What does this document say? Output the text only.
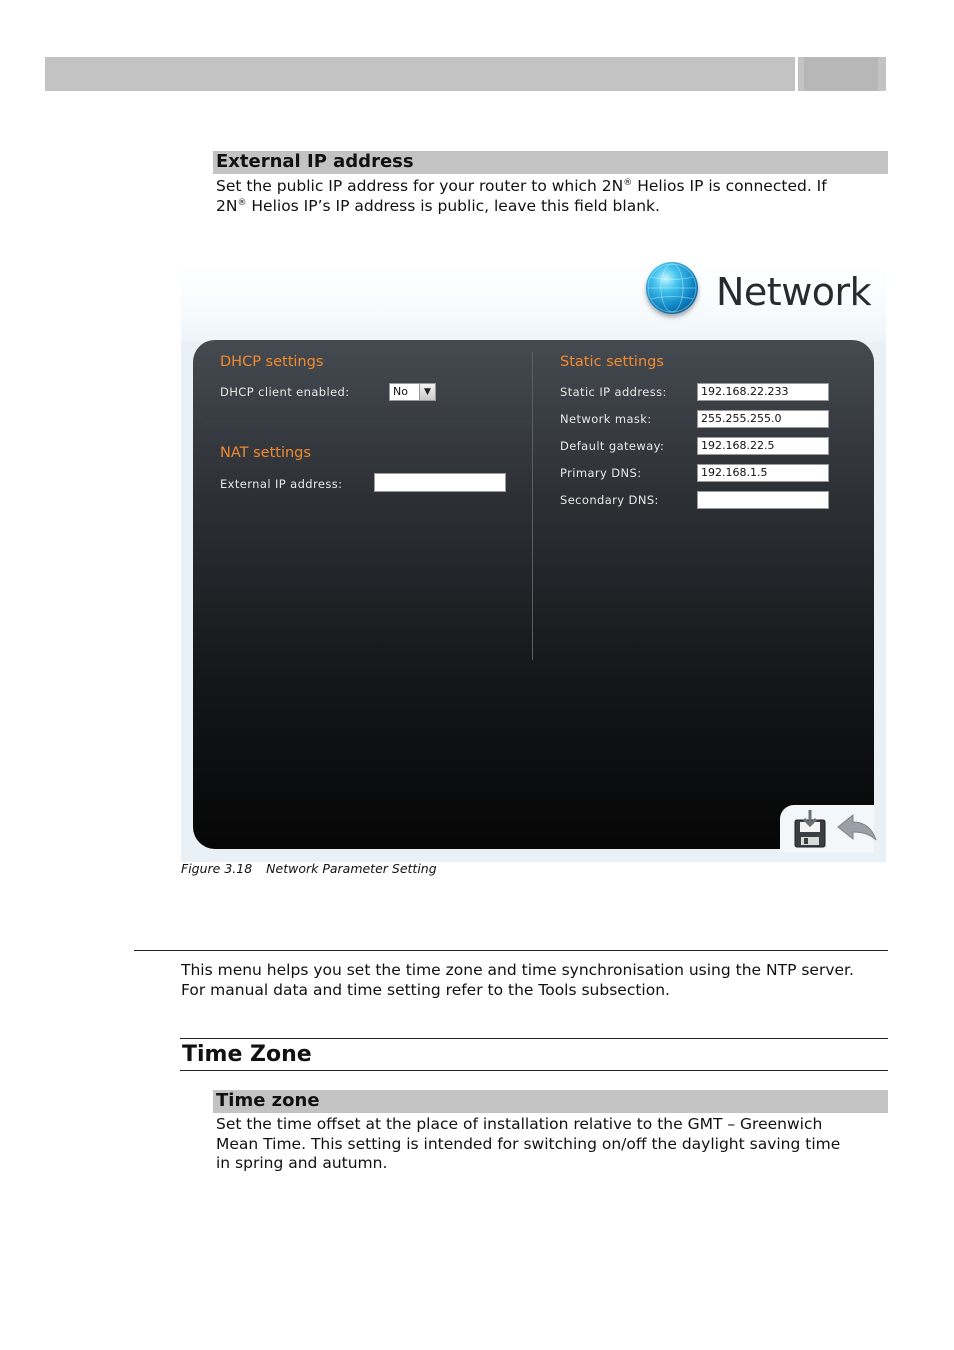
External IP address
Set the public IP address for your router to which 2N® Helios IP is connected. If
2N® Helios IP’s IP address is public, leave this field blank.
Network
DHCP settings
DHCP client enabled:	No	▼
NAT settings
External IP address:
Static settings
Static IP address:	192.168.22.233
Network mask:	255.255.255.0
Default gateway:	192.168.22.5
Primary DNS:	192.168.1.5
Secondary DNS:
Figure 3.18 Network Parameter Setting
This menu helps you set the time zone and time synchronisation using the NTP server.
For manual data and time setting refer to the Tools subsection.
Time Zone
Time zone
Set the time offset at the place of installation relative to the GMT – Greenwich
Mean Time. This setting is intended for switching on/off the daylight saving time
in spring and autumn.
